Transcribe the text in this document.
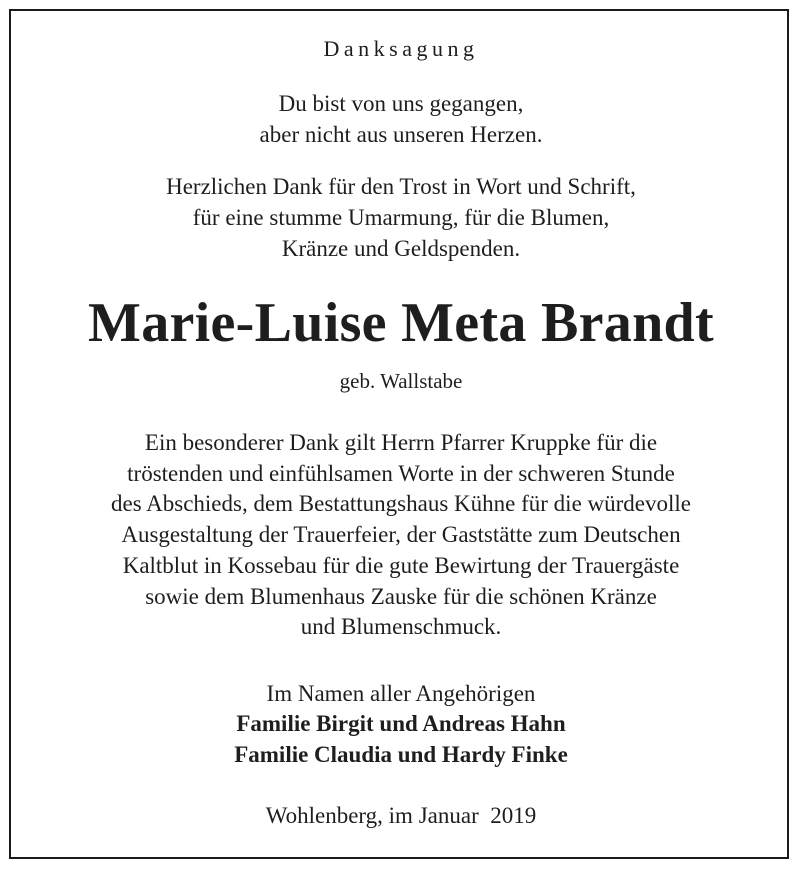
Danksagung
Du bist von uns gegangen,
aber nicht aus unseren Herzen.
Herzlichen Dank für den Trost in Wort und Schrift,
für eine stumme Umarmung, für die Blumen,
Kränze und Geldspenden.
Marie-Luise Meta Brandt
geb. Wallstabe
Ein besonderer Dank gilt Herrn Pfarrer Kruppke für die
tröstenden und einfühlsamen Worte in der schweren Stunde
des Abschieds, dem Bestattungshaus Kühne für die würdevolle
Ausgestaltung der Trauerfeier, der Gaststätte zum Deutschen
Kaltblut in Kossebau für die gute Bewirtung der Trauergäste
sowie dem Blumenhaus Zauske für die schönen Kränze
und Blumenschmuck.
Im Namen aller Angehörigen
Familie Birgit und Andreas Hahn
Familie Claudia und Hardy Finke
Wohlenberg, im Januar  2019
